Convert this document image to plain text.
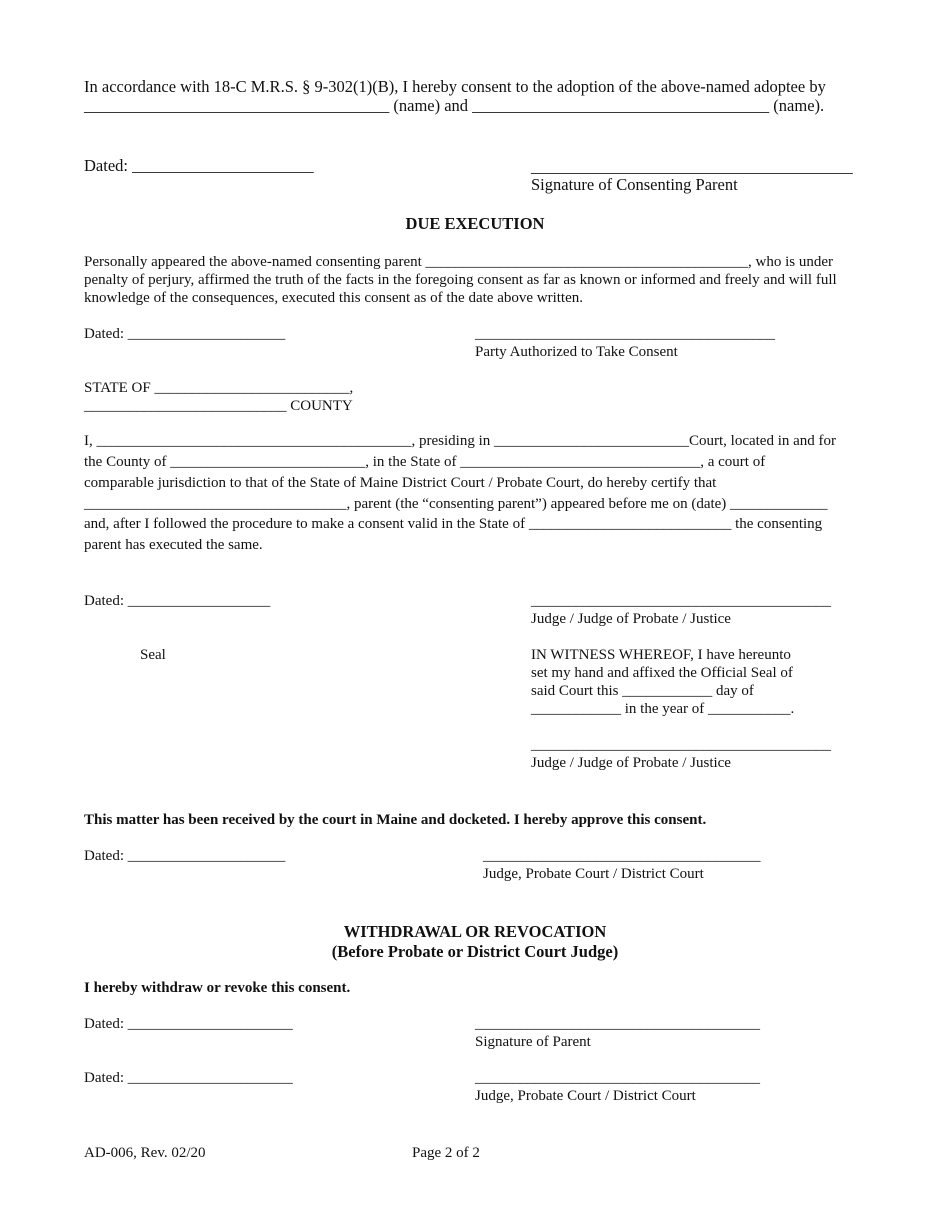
In accordance with 18-C M.R.S. § 9-302(1)(B), I hereby consent to the adoption of the above-named adoptee by
_____________________________________ (name) and ____________________________________ (name).
Dated: ______________________	_______________________________________
Signature of Consenting Parent
DUE EXECUTION
Personally appeared the above-named consenting parent ___________________________________________, who is under
penalty of perjury, affirmed the truth of the facts in the foregoing consent as far as known or informed and freely and will full
knowledge of the consequences, executed this consent as of the date above written.
Dated: _____________________	________________________________________
Party Authorized to Take Consent
STATE OF __________________________,
___________________________ COUNTY
I, __________________________________________, presiding in __________________________Court, located in and for
the County of __________________________, in the State of ________________________________, a court of
comparable jurisdiction to that of the State of Maine District Court / Probate Court, do hereby certify that
___________________________________, parent (the “consenting parent”) appeared before me on (date) _____________
and, after I followed the procedure to make a consent valid in the State of ___________________________ the consenting
parent has executed the same.
Dated: ___________________	________________________________________
Judge / Judge of Probate / Justice
Seal	IN WITNESS WHEREOF, I have hereunto
set my hand and affixed the Official Seal of
said Court this ____________ day of
____________ in the year of ___________.
________________________________________
Judge / Judge of Probate / Justice
This matter has been received by the court in Maine and docketed. I hereby approve this consent.
Dated: _____________________	_____________________________________
Judge, Probate Court / District Court
WITHDRAWAL OR REVOCATION
(Before Probate or District Court Judge)
I hereby withdraw or revoke this consent.
Dated: ______________________	______________________________________
Signature of Parent
Dated: ______________________	______________________________________
Judge, Probate Court / District Court
AD-006, Rev. 02/20	Page 2 of 2
